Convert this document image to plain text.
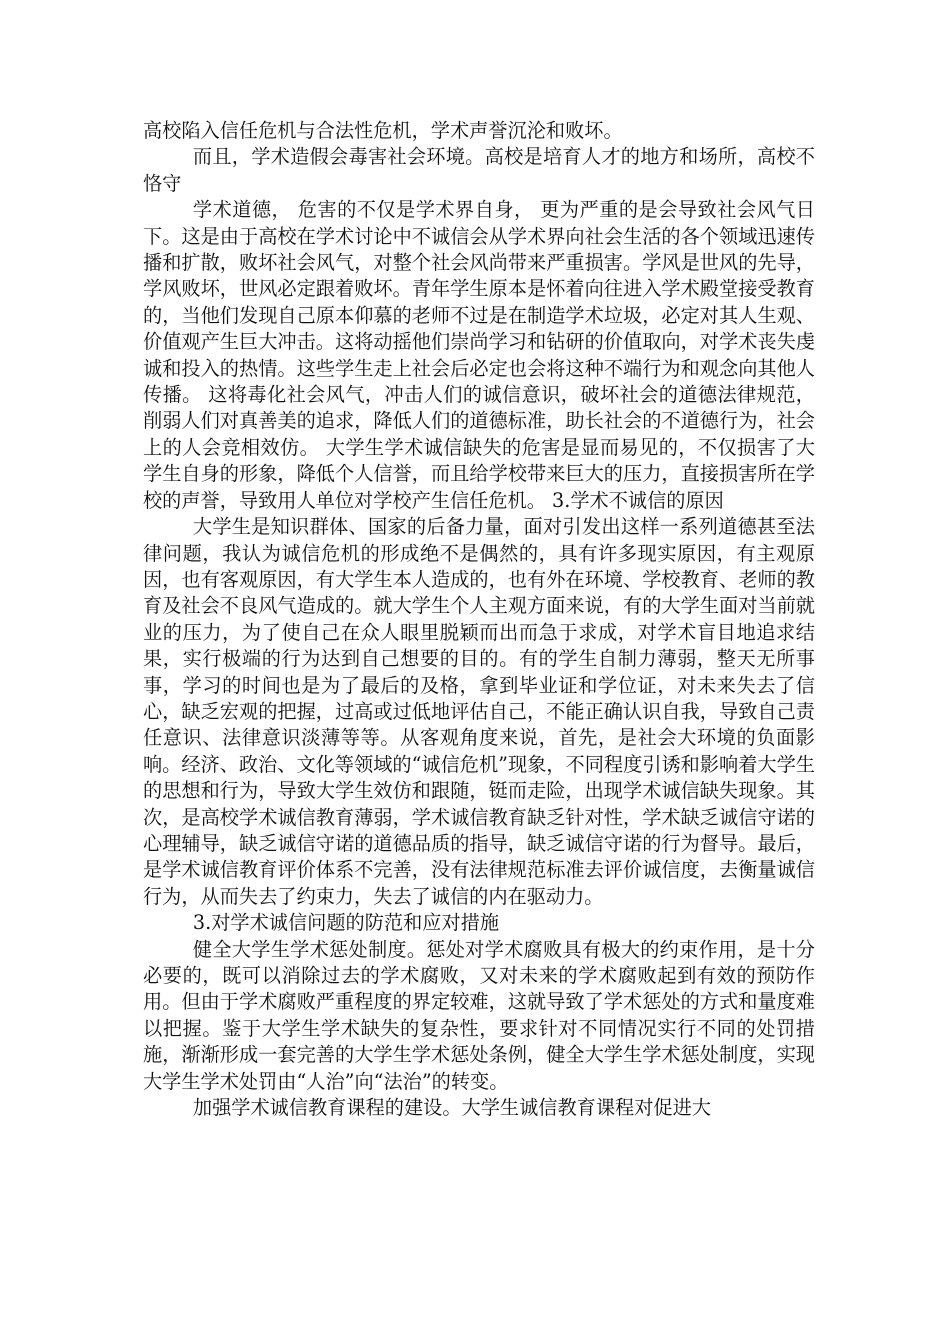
高校陷入信任危机与合法性危机，学术声誉沉沦和败坏。

而且，学术造假会毒害社会环境。高校是培育人才的地方和场所，高校不恪守

学术道德， 危害的不仅是学术界自身， 更为严重的是会导致社会风气日下。这是由于高校在学术讨论中不诚信会从学术界向社会生活的各个领域迅速传播和扩散，败坏社会风气，对整个社会风尚带来严重损害。学风是世风的先导，学风败坏，世风必定跟着败坏。青年学生原本是怀着向往进入学术殿堂接受教育的，当他们发现自己原本仰慕的老师不过是在制造学术垃圾，必定对其人生观、价值观产生巨大冲击。这将动摇他们崇尚学习和钻研的价值取向，对学术丧失虔诚和投入的热情。这些学生走上社会后必定也会将这种不端行为和观念向其他人传播。 这将毒化社会风气，冲击人们的诚信意识，破坏社会的道德法律规范，削弱人们对真善美的追求，降低人们的道德标准，助长社会的不道德行为，社会上的人会竞相效仿。 大学生学术诚信缺失的危害是显而易见的，不仅损害了大学生自身的形象，降低个人信誉，而且给学校带来巨大的压力，直接损害所在学校的声誉，导致用人单位对学校产生信任危机。 3.学术不诚信的原因

大学生是知识群体、国家的后备力量，面对引发出这样一系列道德甚至法律问题，我认为诚信危机的形成绝不是偶然的，具有许多现实原因，有主观原因，也有客观原因，有大学生本人造成的，也有外在环境、学校教育、老师的教育及社会不良风气造成的。就大学生个人主观方面来说，有的大学生面对当前就业的压力，为了使自己在众人眼里脱颖而出而急于求成，对学术盲目地追求结果，实行极端的行为达到自己想要的目的。有的学生自制力薄弱，整天无所事事，学习的时间也是为了最后的及格，拿到毕业证和学位证，对未来失去了信心，缺乏宏观的把握，过高或过低地评估自己，不能正确认识自我，导致自己责任意识、法律意识淡薄等等。从客观角度来说，首先，是社会大环境的负面影响。经济、政治、文化等领域的“诚信危机”现象，不同程度引诱和影响着大学生的思想和行为，导致大学生效仿和跟随，铤而走险，出现学术诚信缺失现象。其次，是高校学术诚信教育薄弱，学术诚信教育缺乏针对性，学术缺乏诚信守诺的心理辅导，缺乏诚信守诺的道德品质的指导，缺乏诚信守诺的行为督导。最后，是学术诚信教育评价体系不完善，没有法律规范标准去评价诚信度，去衡量诚信行为，从而失去了约束力，失去了诚信的内在驱动力。

3.对学术诚信问题的防范和应对措施

健全大学生学术惩处制度。惩处对学术腐败具有极大的约束作用，是十分必要的，既可以消除过去的学术腐败，又对未来的学术腐败起到有效的预防作用。但由于学术腐败严重程度的界定较难，这就导致了学术惩处的方式和量度难以把握。鉴于大学生学术缺失的复杂性，要求针对不同情况实行不同的处罚措施，渐渐形成一套完善的大学生学术惩处条例，健全大学生学术惩处制度，实现大学生学术处罚由“人治”向“法治”的转变。

加强学术诚信教育课程的建设。大学生诚信教育课程对促进大
